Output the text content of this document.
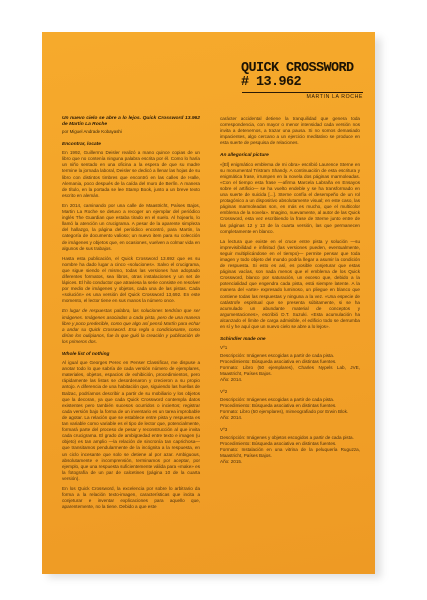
QUICK CROSSWORD
# 13.962
MARTIN LA ROCHE
Un nuevo cielo se abre a lo lejos. Quick Crossword 13.962 de Martin La Roche
por Miguel Andrade Kobayashi
Encontrar, locate

En 1992, Guillermo Deisler realizó a mano quince copias de un libro que no contenía ninguna palabra escrita por él. Como lo haría un niño sentado en una oficina a la espera de que su madre termine la jornada laboral, Deisler se dedicó a llenar las hojas de su libro con distintos timbres que encontró en las calles de Halle, Alemania, poco después de la caída del muro de Berlín. A manera de título, en la portada se lee Stamp Book, junto a un breve texto escrito en alemán.

En 2014, caminando por una calle de Maastricht, Países Bajos, Martin La Roche se detuvo a recoger un ejemplar del periódico inglés The Guardian que estaba tirado en el suelo. Al hojearlo, lo llamó la atención un crucigrama. A pesar de la aparente simpleza del hallazgo, la página del periódico encontró, para Martin, la categoría de documento valioso; un nuevo item para su colección de imágenes y objetos que, en ocasiones, vuelven a colmar vida en algunos de sus trabajos.

Hasta esta publicación, el Quick Crossword 13.692 que es su nombre ha dado lugar a cinco «soluciones». Salvo el crucigrama, que sigue siendo el mismo, todas las versiones han adoptado diferentes formatos, sea libros, otras instalaciones y un set de lápices. El hilo conductor que atraviesa la serie consiste en resolver por medio de imágenes y objetos, cada una de las pistas. Cada «solución» es una versión del Quick Crossword 13,692. En este momento, el lector tiene en sus manos la número once.

En lugar de respuestas palabra, las soluciones tendrían que ser imágenes. Imágenes asociadas a cada pista, pero de una manera libre y poco predecible, como que algo así pensó Martín para echar a andar su Quick Crossword. Esa regla o condicionante, como dirían los oulipianos, fue la que guió la creación y publicación de los primeros dos.

Whole list of nothing

Al igual que Georges Perec en Penser Classificar, me dispuse a anotar todo lo que sabría de cada versión número de ejemplares, materiales, objetos, espacios de exhibición, procedimientos, pero rápidamente las listas se desordenaron y crecieron a su propio antojo. A diferencia de una habitación que, siguiendo las huellas de Balzac, podríamos describir a partir de su mobiliario y los objetos que la decoran, ya que cada Quick Crossword contempla datos existentes pero también sucesos ocurridos o inciertos; registrar cada versión bajo la forma de un inventario es un tarea improbable de agotar. La relación que se establece entre pista y respuesta es tan variable como variable es el tipo de lector que, potencialmente, formará parte del proceso de pesar y reconstrucción al que invita cada crucigrama. El grado de ambigüedad entre texto e imagen (u objeto) es tan amplio —la relación de sincronía tan caprichosa— que transitamos pendularmente de la incógnita a la respuesta, en un ciclo incesante que solo se detiene al por azar. Ambiguous, absolutamente e incomprensión, terminamos por aceptar, por ejemplo, que una respuesta suficientemente válida para «make» es la fotografía de un par de calcetines (página 10 de la cuarta versión).

En los Quick Crossword, la excelencia por sobre lo arbitrario da forma a la relación texto-imagen, características que incita a conjeturar e inventar explicaciones para aquello que, aparentemente, no la tiene. Debido a que este

carácter accidental detiene la tranquilidad que genera toda correspondencia, con mayor o menor intensidad cada versión nos invita a detenernos, a trazar una pausa. Si no somos demasiado impacientes, algo cercano a un ejercicio meditativo se produce en esta suerte de pesquisa de relaciones.

An allegorical picture

«[El] enigmático emblema de mi obra» escribió Laurence Sterne en su monumental Tristram Shandy. A continuación de esta escritura y enigmática frase, irrumpen en la novela dos páginas marmoleadas. «Con el tiempo esta frase —afirma Marcela Labraña en Ensayos sobre el artificio— se ha vuelto endeble y se ha transformado en una suerte de suicida [...]. Sterne confía el desempeño de un rol protagónico a un dispositivo absolutamente visual; en este caso, las páginas marmoleadas son, en más es mucho, que el multicolor emblema de la novela». Imagino, nuevamente, al autor de las Quick Crossword, esta vez escribiendo la frase de Sterne junto entre de las páginas 12 y 13 de la cuarta versión, las que permanecen completamente en blanco.

La lectura que existe en el cruce entre pista y solución —su imprevisibilidad e infinitud (las versiones pueden, eventualmente, seguir multiplicándose en el tiempo)— permite pensar que toda imagen y todo objeto del mundo podría llegar a asumir la condición de respuesta. Si esto es así, es posible conjeturar que estas páginas vacías, son nada menos que el emblema de los Quick Crossword, blanco por saturación, un exceso que, debido a la potencialidad que engendra cada pista, está siempre latente. A la manera del «arte» expresado luminoso, un pliegue en blanco que contiene todas las respuestas y ninguna a la vez. «Una especie de catástrofe espiritual que se presenta súbitamente, si se ha acumulado un abundante material de conceptos y argumentaciones», escribió D.T. Suzuki. «Esta acumulación ha alcanzado el límite de carga admisible, el edificio todo se derrumba en sí y he aquí que un nuevo cielo se abre a lo lejos».

Schindler made one
Vº1
Descripción: Imágenes escogidas a partir de cada pista.
Procedimiento: Búsqueda asociativa en distintas fuentes.
Formato: Libro (50 ejemplares), Charles Nypels Lab, JVE, Maastricht, Países Bajos.
Año: 2014.
Vº2
Descripción: Imágenes escogidas a partir de cada pista.
Procedimiento: Búsqueda asociativa en distintas fuentes.
Formato: Libro (50 ejemplares), mimeografiado por Erwin Blok.
Año: 2014.
Vº3
Descripción: Imágenes y objetos escogidos a partir de cada pista.
Procedimiento: Búsqueda asociativa en distintas fuentes.
Formato: Instalación en una vitrina de la peluquería Ruguzza, Maastricht, Países Bajos.
Año: 2015.
